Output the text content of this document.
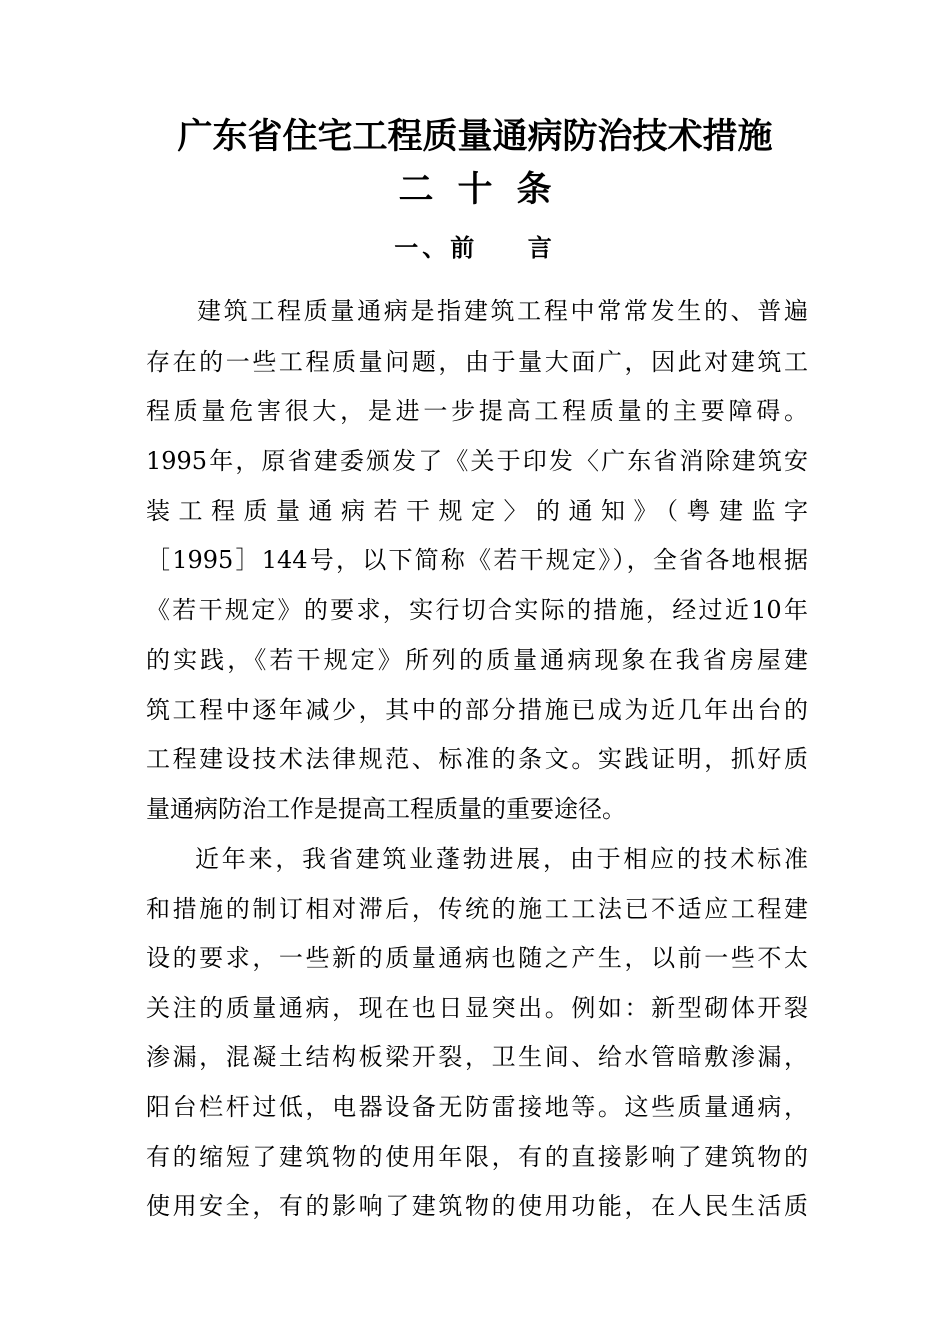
广东省住宅工程质量通病防治技术措施
二十条
一、前    言
建筑工程质量通病是指建筑工程中常常发生的、普遍
存在的一些工程质量问题，由于量大面广，因此对建筑工
程质量危害很大，是进一步提高工程质量的主要障碍。
1995年，原省建委颁发了《关于印发〈广东省消除建筑安
装工程质量通病若干规定〉的通知》（粤建监字
［1995］144号，以下简称《若干规定》），全省各地根据
《若干规定》的要求，实行切合实际的措施，经过近10年
的实践，《若干规定》所列的质量通病现象在我省房屋建
筑工程中逐年减少，其中的部分措施已成为近几年出台的
工程建设技术法律规范、标准的条文。实践证明，抓好质
量通病防治工作是提高工程质量的重要途径。
近年来，我省建筑业蓬勃进展，由于相应的技术标准
和措施的制订相对滞后，传统的施工工法已不适应工程建
设的要求，一些新的质量通病也随之产生，以前一些不太
关注的质量通病，现在也日显突出。例如：新型砌体开裂
渗漏，混凝土结构板梁开裂，卫生间、给水管暗敷渗漏，
阳台栏杆过低，电器设备无防雷接地等。这些质量通病，
有的缩短了建筑物的使用年限，有的直接影响了建筑物的
使用安全，有的影响了建筑物的使用功能，在人民生活质
